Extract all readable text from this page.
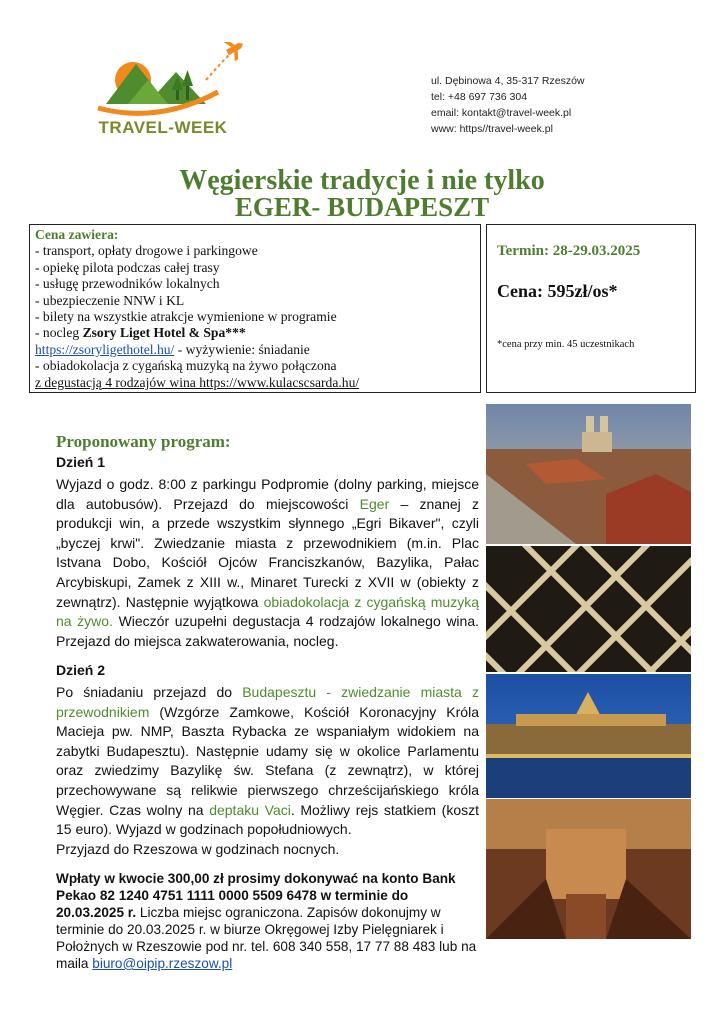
TRAVEL-WEEK
ul. Dębinowa 4, 35-317 Rzeszów
tel: +48 697 736 304
email: kontakt@travel-week.pl
www: https//travel-week.pl
Węgierskie tradycje i nie tylko
EGER- BUDAPESZT
Cena zawiera:
- transport, opłaty drogowe i parkingowe
- opiekę pilota podczas całej trasy
- usługę przewodników lokalnych
- ubezpieczenie NNW i KL
- bilety na wszystkie atrakcje wymienione w programie
- nocleg Zsory Liget Hotel & Spa***
https://zsoryligethotel.hu/ - wyżywienie: śniadanie
- obiadokolacja z cygańską muzyką na żywo połączona
z degustacją 4 rodzajów wina https://www.kulacscsarda.hu/
Termin: 28-29.03.2025
Cena: 595zł/os*
*cena przy min. 45 uczestnikach
Proponowany program:
Dzień 1
Wyjazd o godz. 8:00 z parkingu Podpromie (dolny parking, miejsce dla autobusów). Przejazd do miejscowości Eger – znanej z produkcji win, a przede wszystkim słynnego „Egri Bikaver", czyli „byczej krwi". Zwiedzanie miasta z przewodnikiem (m.in. Plac Istvana Dobo, Kościół Ojców Franciszkanów, Bazylika, Pałac Arcybiskupi, Zamek z XIII w., Minaret Turecki z XVII w (obiekty z zewnątrz). Następnie wyjątkowa obiadokolacja z cygańską muzyką na żywo. Wieczór uzupełni degustacja 4 rodzajów lokalnego wina. Przejazd do miejsca zakwaterowania, nocleg.
Dzień 2
Po śniadaniu przejazd do Budapesztu - zwiedzanie miasta z przewodnikiem (Wzgórze Zamkowe, Kościół Koronacyjny Króla Macieja pw. NMP, Baszta Rybacka ze wspaniałym widokiem na zabytki Budapesztu). Następnie udamy się w okolice Parlamentu oraz zwiedzimy Bazylikę św. Stefana (z zewnątrz), w której przechowywane są relikwie pierwszego chrześcijańskiego króla Węgier. Czas wolny na deptaku Vaci. Możliwy rejs statkiem (koszt 15 euro). Wyjazd w godzinach popołudniowych.
Przyjazd do Rzeszowa w godzinach nocnych.
Wpłaty w kwocie 300,00 zł prosimy dokonywać na konto Bank Pekao 82 1240 4751 1111 0000 5509 6478 w terminie do 20.03.2025 r. Liczba miejsc ograniczona. Zapisów dokonujmy w terminie do 20.03.2025 r. w biurze Okręgowej Izby Pielęgniarek i Położnych w Rzeszowie pod nr. tel. 608 340 558, 17 77 88 483 lub na maila biuro@oipip.rzeszow.pl
